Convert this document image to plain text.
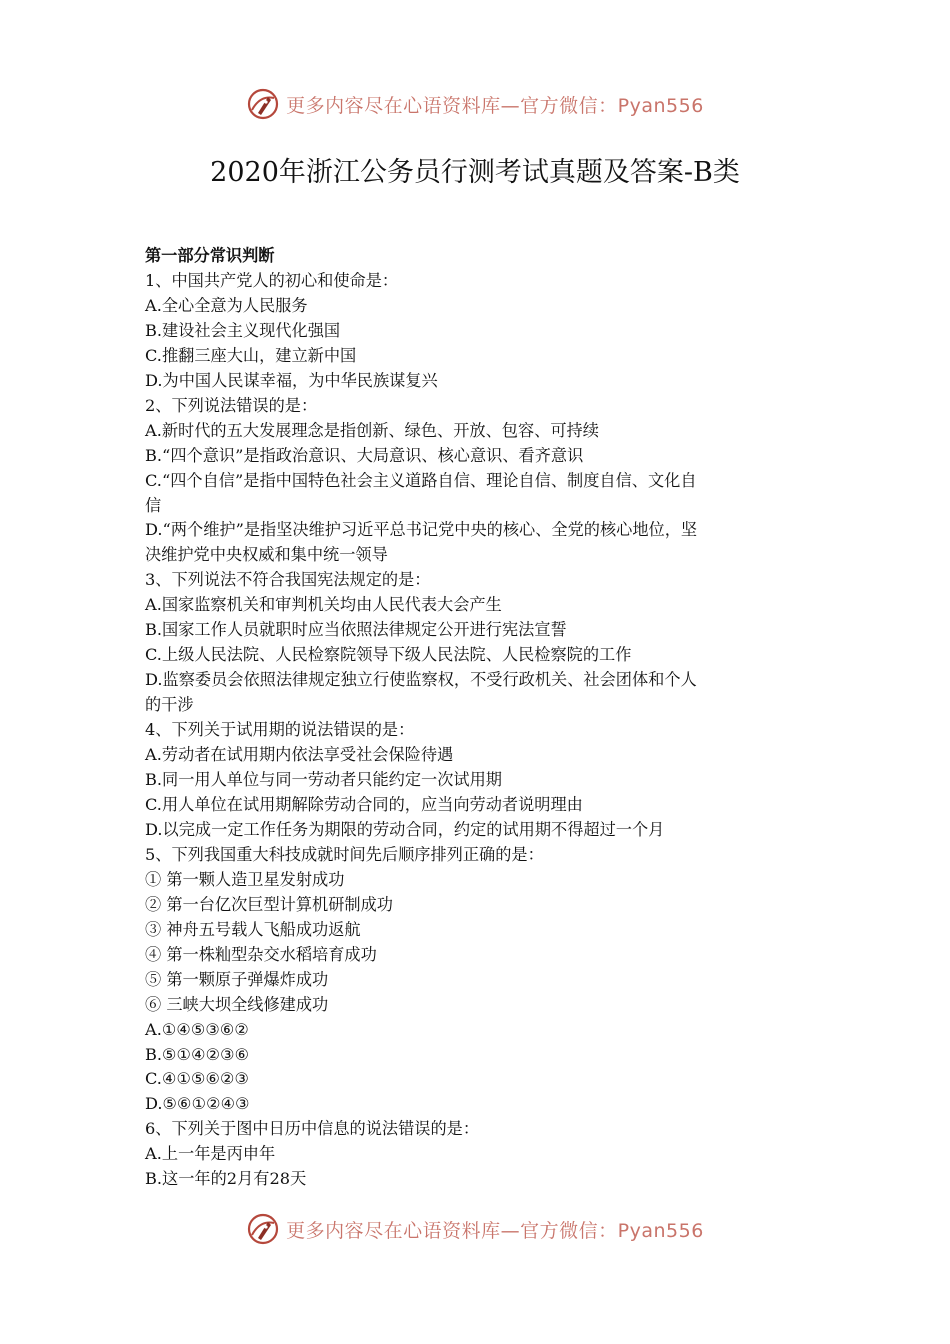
更多内容尽在心语资料库—官方微信：Pyan556
2020年浙江公务员行测考试真题及答案-B类
第一部分常识判断
1、中国共产党人的初心和使命是：
A.全心全意为人民服务
B.建设社会主义现代化强国
C.推翻三座大山，建立新中国
D.为中国人民谋幸福，为中华民族谋复兴
2、下列说法错误的是：
A.新时代的五大发展理念是指创新、绿色、开放、包容、可持续
B.“四个意识”是指政治意识、大局意识、核心意识、看齐意识
C.“四个自信”是指中国特色社会主义道路自信、理论自信、制度自信、文化自
信
D.“两个维护”是指坚决维护习近平总书记党中央的核心、全党的核心地位，坚
决维护党中央权威和集中统一领导
3、下列说法不符合我国宪法规定的是：
A.国家监察机关和审判机关均由人民代表大会产生
B.国家工作人员就职时应当依照法律规定公开进行宪法宣誓
C.上级人民法院、人民检察院领导下级人民法院、人民检察院的工作
D.监察委员会依照法律规定独立行使监察权，不受行政机关、社会团体和个人
的干涉
4、下列关于试用期的说法错误的是：
A.劳动者在试用期内依法享受社会保险待遇
B.同一用人单位与同一劳动者只能约定一次试用期
C.用人单位在试用期解除劳动合同的，应当向劳动者说明理由
D.以完成一定工作任务为期限的劳动合同，约定的试用期不得超过一个月
5、下列我国重大科技成就时间先后顺序排列正确的是：
① 第一颗人造卫星发射成功
② 第一台亿次巨型计算机研制成功
③ 神舟五号载人飞船成功返航
④ 第一株籼型杂交水稻培育成功
⑤ 第一颗原子弹爆炸成功
⑥ 三峡大坝全线修建成功
A.①④⑤③⑥②
B.⑤①④②③⑥
C.④①⑤⑥②③
D.⑤⑥①②④③
6、下列关于图中日历中信息的说法错误的是：
A.上一年是丙申年
B.这一年的2月有28天
更多内容尽在心语资料库—官方微信：Pyan556
